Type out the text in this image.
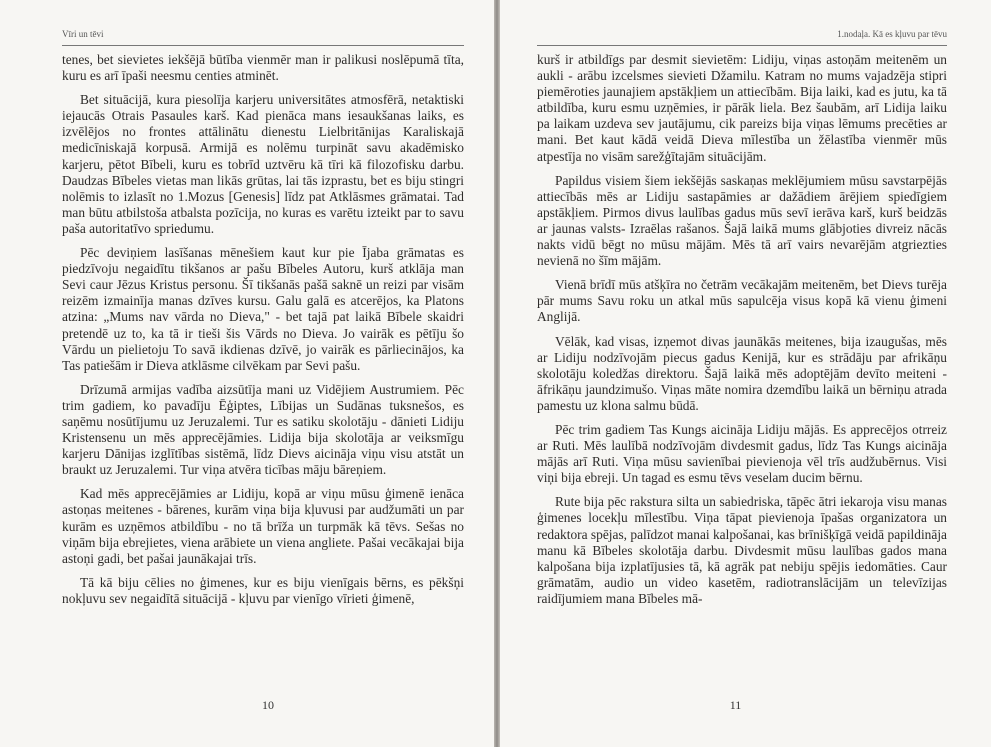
Vīri un tēvi

tenes, bet sievietes iekšējā būtība vienmēr man ir palikusi noslēpumā tīta, kuru es arī īpaši neesmu centies atminēt.

Bet situācijā, kura piesolīja karjeru universitātes atmosfērā, netaktiski iejaucās Otrais Pasaules karš. Kad pienāca mans iesaukšanas laiks, es izvēlējos no frontes attālinātu dienestu Lielbritānijas Karaliskajā medicīniskajā korpusā. Armijā es nolēmu turpināt savu akadēmisko karjeru, pētot Bībeli, kuru es tobrīd uztvēru kā tīri kā filozofisku darbu. Daudzas Bībeles vietas man likās grūtas, lai tās izprastu, bet es biju stingri nolēmis to izlasīt no 1.Mozus [Genesis] līdz pat Atklāsmes grāmatai. Tad man būtu atbilstoša atbalsta pozīcija, no kuras es varētu izteikt par to savu paša autoritatīvo spriedumu.

Pēc deviņiem lasīšanas mēnešiem kaut kur pie Ījaba grāmatas es piedzīvoju negaidītu tikšanos ar pašu Bībeles Autoru, kurš atklāja man Sevi caur Jēzus Kristus personu. Šī tikšanās pašā saknē un reizi par visām reizēm izmainīja manas dzīves kursu. Galu galā es atcerējos, ka Platons atzina: „Mums nav vārda no Dieva," - bet tajā pat laikā Bībele skaidri pretendē uz to, ka tā ir tieši šis Vārds no Dieva. Jo vairāk es pētīju šo Vārdu un pielietoju To savā ikdienas dzīvē, jo vairāk es pārliecinājos, ka Tas patiešām ir Dieva atklāsme cilvēkam par Sevi pašu.

Drīzumā armijas vadība aizsūtīja mani uz Vidējiem Austrumiem. Pēc trim gadiem, ko pavadīju Ēģiptes, Lībijas un Sudānas tuksnešos, es saņēmu nosūtījumu uz Jeruzalemi. Tur es satiku skolotāju - dānieti Lidiju Kristensenu un mēs apprecējāmies. Lidija bija skolotāja ar veiksmīgu karjeru Dānijas izglītības sistēmā, līdz Dievs aicināja viņu visu atstāt un braukt uz Jeruzalemi. Tur viņa atvēra ticības māju bāreņiem.

Kad mēs apprecējāmies ar Lidiju, kopā ar viņu mūsu ģimenē ienāca astoņas meitenes - bārenes, kurām viņa bija kļuvusi par audžumāti un par kurām es uzņēmos atbildību - no tā brīža un turpmāk kā tēvs. Sešas no viņām bija ebrejietes, viena arābiete un viena angliete. Pašai vecākajai bija astoņi gadi, bet pašai jaunākajai trīs.

Tā kā biju cēlies no ģimenes, kur es biju vienīgais bērns, es pēkšņi nokļuvu sev negaidītā situācijā - kļuvu par vienīgo vīrieti ģimenē,

10
1.nodaļa. Kā es kļuvu par tēvu

kurš ir atbildīgs par desmit sievietēm: Lidiju, viņas astoņām meitenēm un aukli - arābu izcelsmes sievieti Džamilu. Katram no mums vajadzēja stipri piemēroties jaunajiem apstākļiem un attiecībām. Bija laiki, kad es jutu, ka tā atbildība, kuru esmu uzņēmies, ir pārāk liela. Bez šaubām, arī Lidija laiku pa laikam uzdeva sev jautājumu, cik pareizs bija viņas lēmums precēties ar mani. Bet kaut kādā veidā Dieva mīlestība un žēlastība vienmēr mūs atpestīja no visām sarežģītajām situācijām.

Papildus visiem šiem iekšējās saskaņas meklējumiem mūsu savstarpējās attiecībās mēs ar Lidiju sastapāmies ar dažādiem ārējiem spiedīgiem apstākļiem. Pirmos divus laulības gadus mūs sevī ierāva karš, kurš beidzās ar jaunas valsts- Izraēlas rašanos. Šajā laikā mums glābjoties divreiz nācās nakts vidū bēgt no mūsu mājām. Mēs tā arī vairs nevarējām atgriezties nevienā no šīm mājām.

Vienā brīdī mūs atšķīra no četrām vecākajām meitenēm, bet Dievs turēja pār mums Savu roku un atkal mūs sapulcēja visus kopā kā vienu ģimeni Anglijā.

Vēlāk, kad visas, izņemot divas jaunākās meitenes, bija izaugušas, mēs ar Lidiju nodzīvojām piecus gadus Kenijā, kur es strādāju par afrikāņu skolotāju koledžas direktoru. Šajā laikā mēs adoptējām devīto meiteni - āfrikāņu jaundzimušo. Viņas māte nomira dzemdību laikā un bērniņu atrada pamestu uz klona salmu būdā.

Pēc trim gadiem Tas Kungs aicināja Lidiju mājās. Es apprecējos otrreiz ar Ruti. Mēs laulībā nodzīvojām divdesmit gadus, līdz Tas Kungs aicināja mājās arī Ruti. Viņa mūsu savienībai pievienoja vēl trīs audžubērnus. Visi viņi bija ebreji. Un tagad es esmu tēvs veselam ducim bērnu.

Rute bija pēc rakstura silta un sabiedriska, tāpēc ātri iekaroja visu manas ģimenes locekļu mīlestību. Viņa tāpat pievienoja īpašas organizatora un redaktora spējas, palīdzot manai kalpošanai, kas brīnišķīgā veidā papildināja manu kā Bībeles skolotāja darbu. Divdesmit mūsu laulības gados mana kalpošana bija izplatījusies tā, kā agrāk pat nebiju spējis iedomāties. Caur grāmatām, audio un video kasetēm, radiotranslācijām un televīzijas raidījumiem mana Bībeles mā-

11
